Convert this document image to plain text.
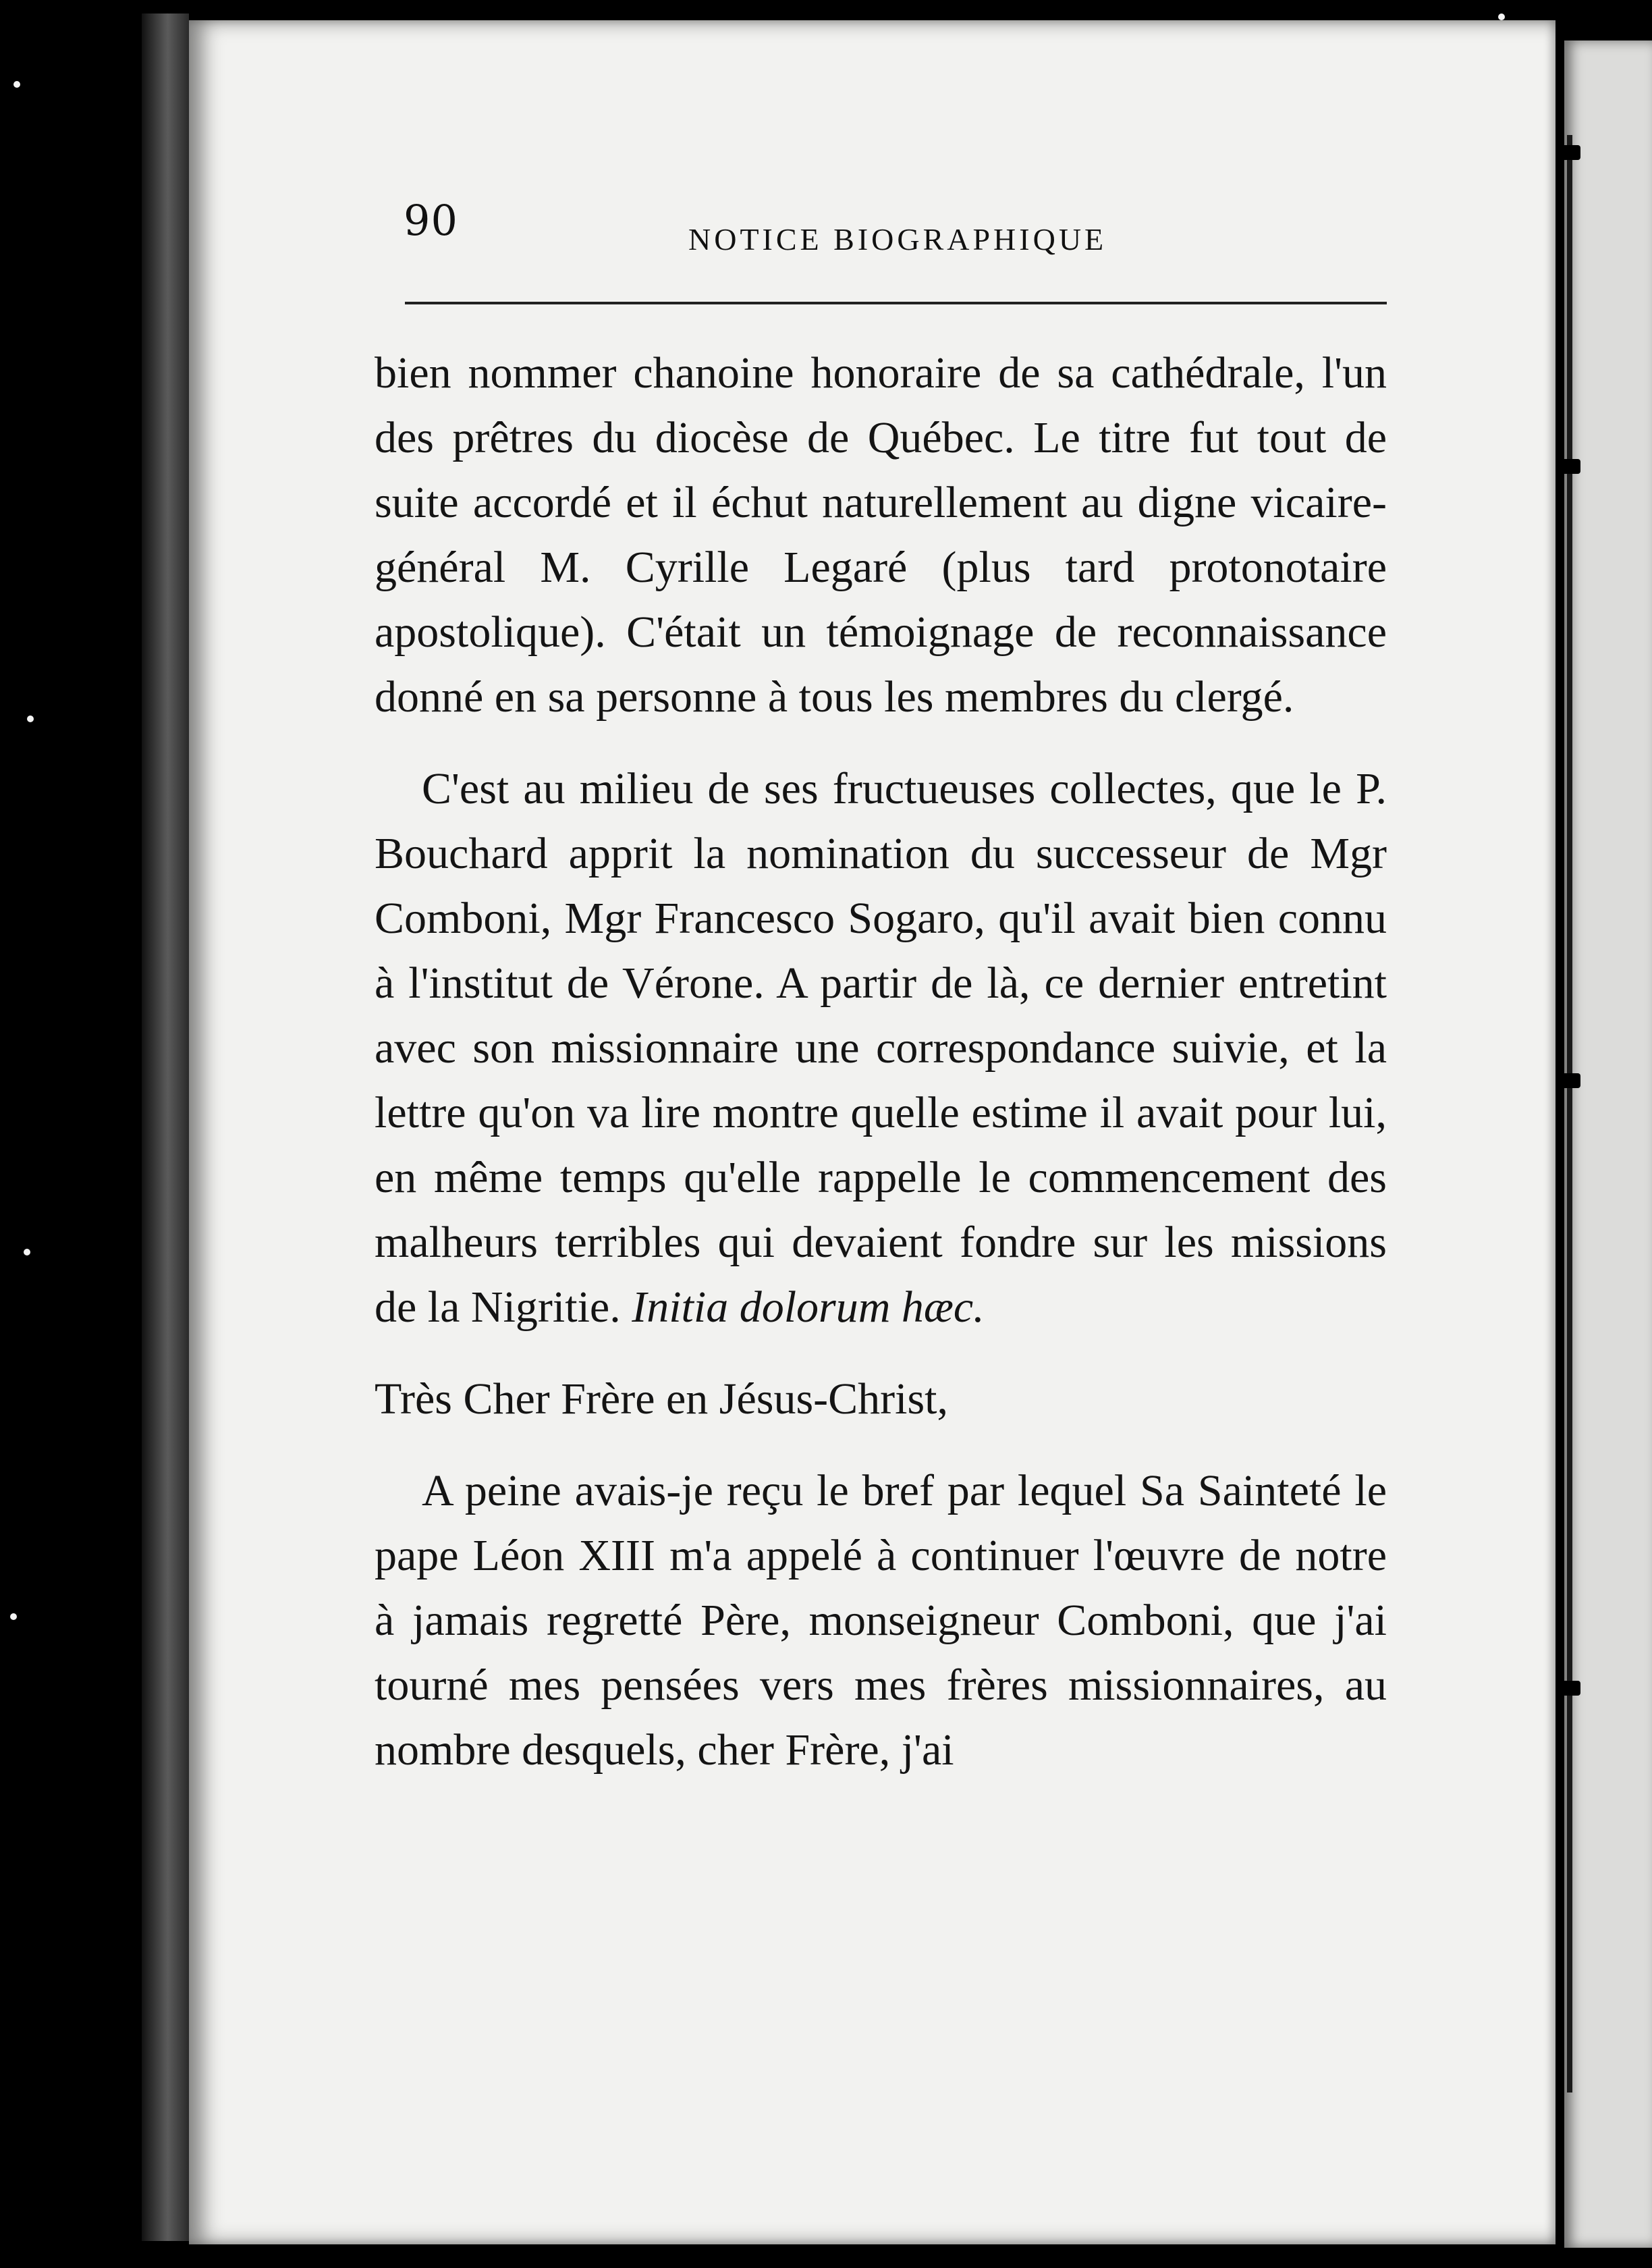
90	NOTICE BIOGRAPHIQUE

bien nommer chanoine honoraire de sa cathédrale, l'un des prêtres du diocèse de Québec. Le titre fut tout de suite accordé et il échut naturellement au digne vicaire-général M. Cyrille Legaré (plus tard protonotaire apostolique). C'était un témoignage de reconnaissance donné en sa personne à tous les membres du clergé.

C'est au milieu de ses fructueuses collectes, que le P. Bouchard apprit la nomination du successeur de Mgr Comboni, Mgr Francesco Sogaro, qu'il avait bien connu à l'institut de Vérone. A partir de là, ce dernier entretint avec son missionnaire une correspondance suivie, et la lettre qu'on va lire montre quelle estime il avait pour lui, en même temps qu'elle rappelle le commencement des malheurs terribles qui devaient fondre sur les missions de la Nigritie. Initia dolorum hæc.

Très Cher Frère en Jésus-Christ,

A peine avais-je reçu le bref par lequel Sa Sainteté le pape Léon XIII m'a appelé à continuer l'œuvre de notre à jamais regretté Père, monseigneur Comboni, que j'ai tourné mes pensées vers mes frères missionnaires, au nombre desquels, cher Frère, j'ai
